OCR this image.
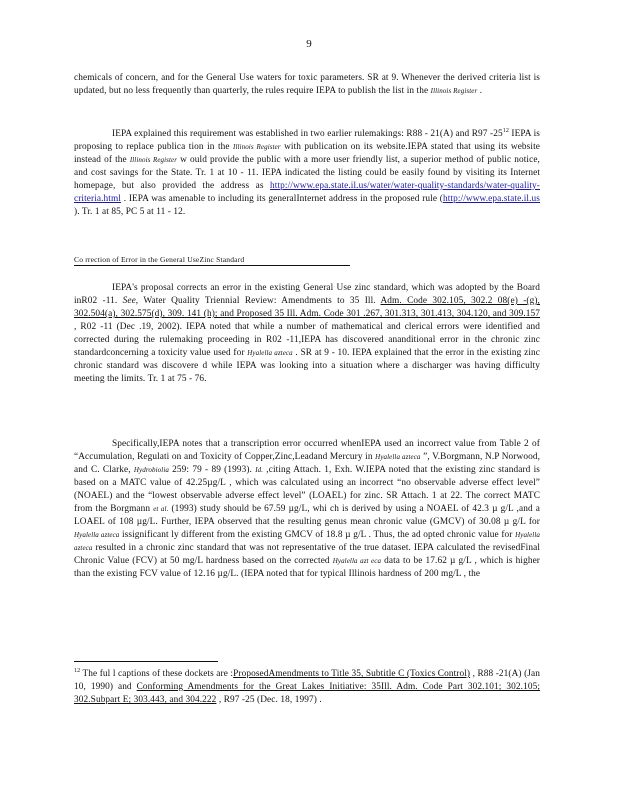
9
chemicals of concern, and for the General Use waters for toxic parameters. SR at 9. Whenever the derived criteria list is updated, but no less frequently than quarterly, the rules require IEPA to publish the list in the Illinois Register .
IEPA explained this requirement was established in two earlier rulemakings: R88 - 21(A) and R97 $-25^{12}$ IEPA is proposing to replace publica tion in the Illinois Register with publication on its website.IEPA stated that using its website instead of the Illinois Register w ould provide the public with a more user friendly list, a superior method of public notice, and cost savings for the State. Tr. 1 at 10 - 11. IEPA indicated the listing could be easily found by visiting its Internet homepage, but also provided the address as http://www.epa.state.il.us/water/water-quality-standards/water-quality-criteria.html . IEPA was amenable to including its generalInternet address in the proposed rule (http://www.epa.state.il.us ). Tr. 1 at 85, PC 5 at 11 - 12.
Co rrection of Error in the General UseZinc Standard
IEPA's proposal corrects an error in the existing General Use zinc standard, which was adopted by the Board inR02 -11. See, Water Quality Triennial Review: Amendments to 35 Ill. Adm. Code 302.105, 302.2 08(e) -(g), 302.504(a), 302.575(d), 309. 141 (h); and Proposed 35 Ill. Adm. Code 301 .267, 301.313, 301.413, 304.120, and 309.157 , R02 -11 (Dec .19, 2002). IEPA noted that while a number of mathematical and clerical errors were identified and corrected during the rulemaking proceeding in R02 -11,IEPA has discovered ananditional error in the chronic zinc standardconcerning a toxicity value used for Hyalella azteca . SR at 9 - 10. IEPA explained that the error in the existing zinc chronic standard was discovere d while IEPA was looking into a situation where a discharger was having difficulty meeting the limits. Tr. 1 at 75 - 76.
Specifically,IEPA notes that a transcription error occurred whenIEPA used an incorrect value from Table 2 of “Accumulation, Regulati on and Toxicity of Copper,Zinc,Leadand Mercury in Hyalella azteca ”, V.Borgmann, N.P Norwood, and C. Clarke, Hydrobiolia 259: 79 - 89 (1993). Id. ,citing Attach. 1, Exh. W.IEPA noted that the existing zinc standard is based on a MATC value of 42.25µg/L , which was calculated using an incorrect “no observable adverse effect level” (NOAEL) and the “lowest observable adverse effect level” (LOAEL) for zinc. SR Attach. 1 at 22. The correct MATC from the Borgmann et al. (1993) study should be 67.59 µg/L, whi ch is derived by using a NOAEL of 42.3 µ g/L ,and a LOAEL of 108 µg/L. Further, IEPA observed that the resulting genus mean chronic value (GMCV) of 30.08 µ g/L for Hyalella azteca issignificant ly different from the existing GMCV of 18.8 µ g/L . Thus, the ad opted chronic value for Hyalella azteca resulted in a chronic zinc standard that was not representative of the true dataset. IEPA calculated the revisedFinal Chronic Value (FCV) at 50 mg/L hardness based on the corrected Hyalella azt eca data to be 17.62 µ g/L , which is higher than the existing FCV value of 12.16 µg/L. (IEPA noted that for typical Illinois hardness of 200 mg/L , the
$^{12}$ The ful l captions of these dockets are :ProposedAmendments to Title 35, Subtitle C (Toxics Control) , R88 -21(A) (Jan 10, 1990) and Conforming Amendments for the Great Lakes Initiative: 35Ill. Adm. Code Part 302.101; 302.105; 302.Subpart E; 303.443, and 304.222 , R97 -25 (Dec. 18, 1997) .
